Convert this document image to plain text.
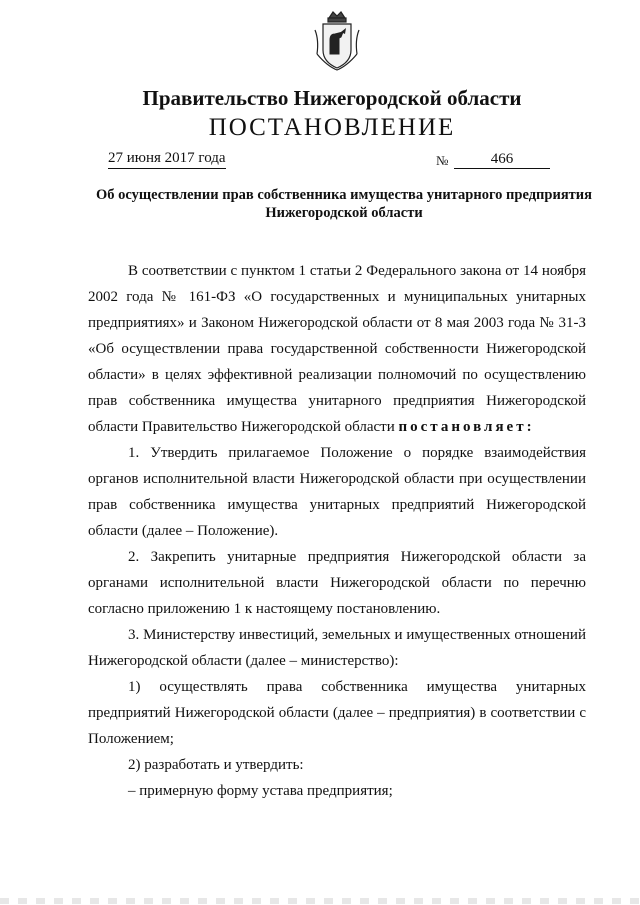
Правительство Нижегородской области
ПОСТАНОВЛЕНИЕ
27 июня 2017 года	№	466
Об осуществлении прав собственника имущества унитарного предприятия Нижегородской области

В соответствии с пунктом 1 статьи 2 Федерального закона от 14 ноября 2002 года № 161-ФЗ «О государственных и муниципальных унитарных предприятиях» и Законом Нижегородской области от 8 мая 2003 года № 31-З «Об осуществлении права государственной собственности Нижегородской области» в целях эффективной реализации полномочий по осуществлению прав собственника имущества унитарного предприятия Нижегородской области Правительство Нижегородской области постановляет:

1. Утвердить прилагаемое Положение о порядке взаимодействия органов исполнительной власти Нижегородской области при осуществлении прав собственника имущества унитарных предприятий Нижегородской области (далее – Положение).

2. Закрепить унитарные предприятия Нижегородской области за органами исполнительной власти Нижегородской области по перечню согласно приложению 1 к настоящему постановлению.

3. Министерству инвестиций, земельных и имущественных отношений Нижегородской области (далее – министерство):

1) осуществлять права собственника имущества унитарных предприятий Нижегородской области (далее – предприятия) в соответствии с Положением;

2) разработать и утвердить:

– примерную форму устава предприятия;
